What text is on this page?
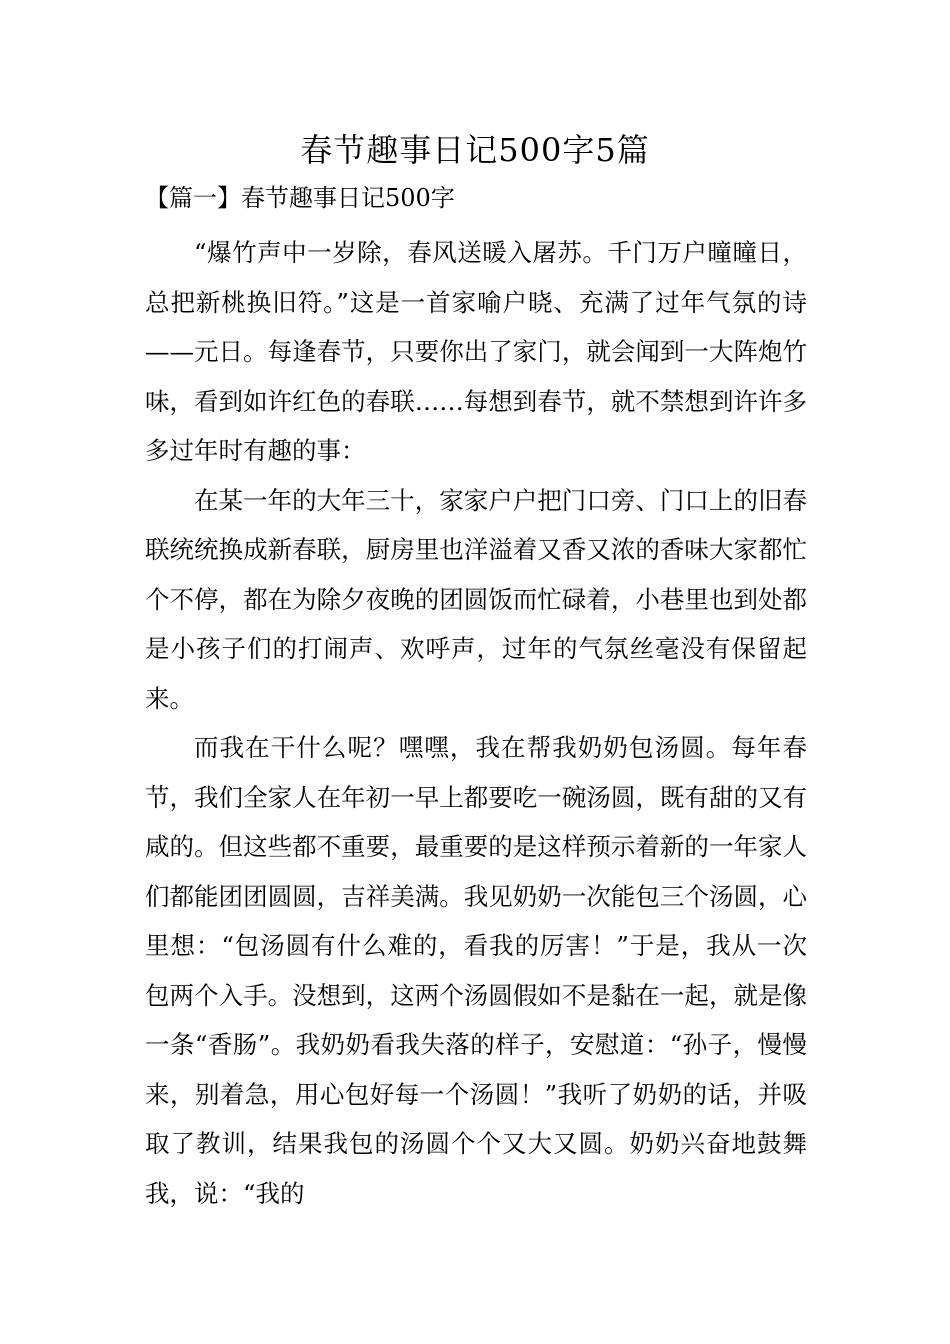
春节趣事日记500字5篇
【篇一】春节趣事日记500字

“爆竹声中一岁除，春风送暖入屠苏。千门万户曈曈日，总把新桃换旧符。”这是一首家喻户晓、充满了过年气氛的诗——元日。每逢春节，只要你出了家门，就会闻到一大阵炮竹味，看到如许红色的春联……每想到春节，就不禁想到许许多多过年时有趣的事：

在某一年的大年三十，家家户户把门口旁、门口上的旧春联统统换成新春联，厨房里也洋溢着又香又浓的香味大家都忙个不停，都在为除夕夜晚的团圆饭而忙碌着，小巷里也到处都是小孩子们的打闹声、欢呼声，过年的气氛丝毫没有保留起来。

而我在干什么呢？嘿嘿，我在帮我奶奶包汤圆。每年春节，我们全家人在年初一早上都要吃一碗汤圆，既有甜的又有咸的。但这些都不重要，最重要的是这样预示着新的一年家人们都能团团圆圆，吉祥美满。我见奶奶一次能包三个汤圆，心里想：“包汤圆有什么难的，看我的厉害！”于是，我从一次包两个入手。没想到，这两个汤圆假如不是黏在一起，就是像一条“香肠”。我奶奶看我失落的样子，安慰道：“孙子，慢慢来，别着急，用心包好每一个汤圆！”我听了奶奶的话，并吸取了教训，结果我包的汤圆个个又大又圆。奶奶兴奋地鼓舞我，说：“我的
